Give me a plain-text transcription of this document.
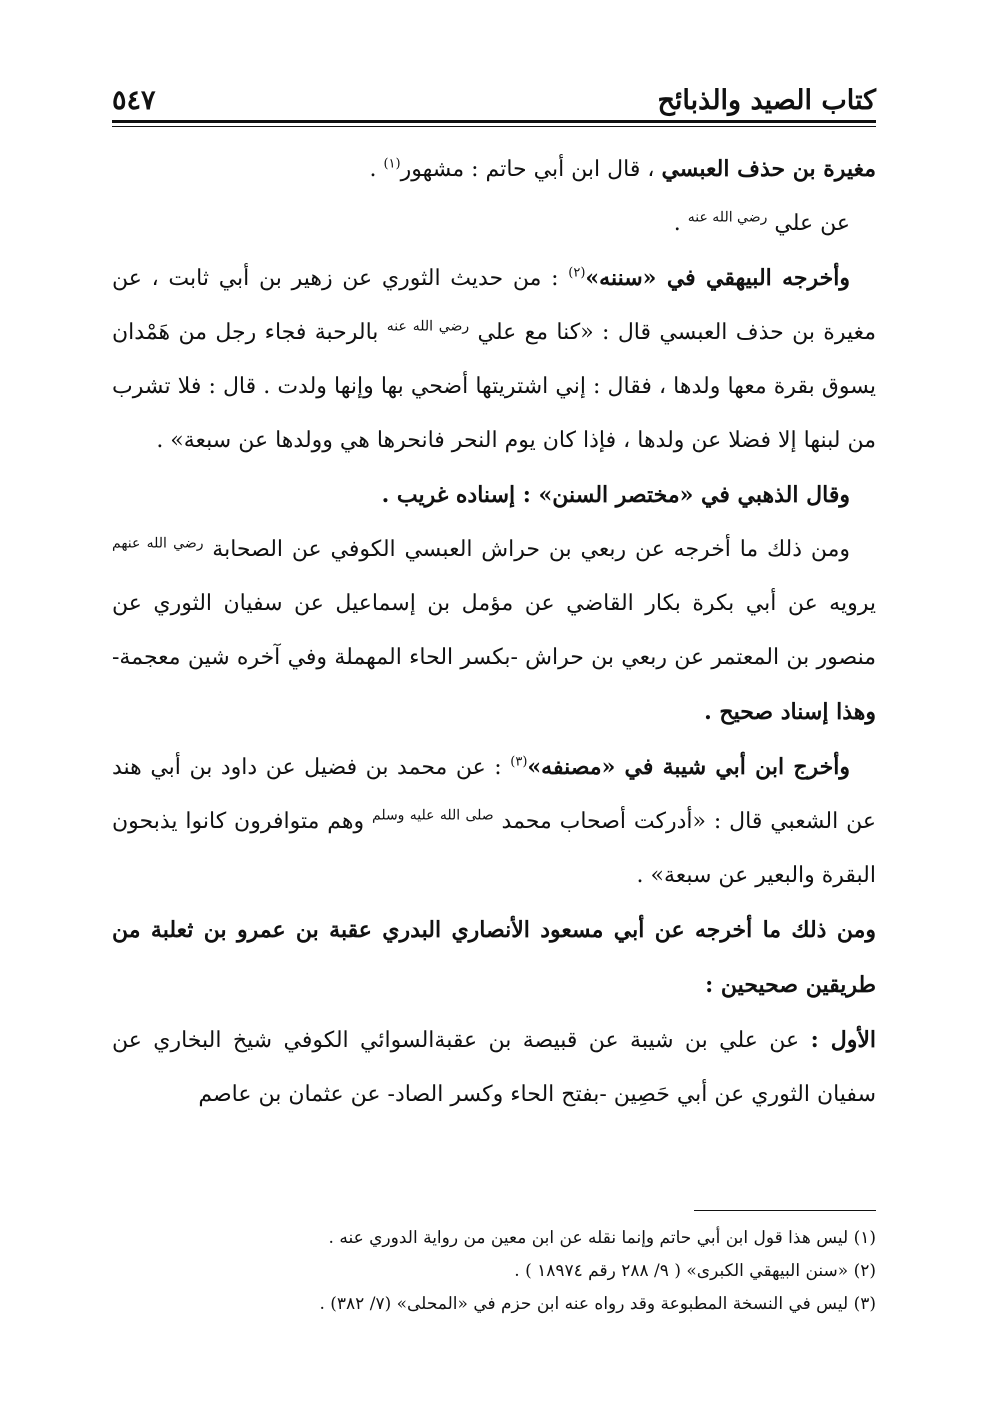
٥٤٧	كتاب الصيد والذبائح

مغيرة بن حذف العبسي ، قال ابن أبي حاتم : مشهور$^{(١)}$ .

عن علي $^{رضي الله عنه}$ .

وأخرجه البيهقي في «سننه»$^{(٢)}$ : من حديث الثوري عن زهير بن أبي ثابت ، عن مغيرة بن حذف العبسي قال : «كنا مع علي $^{رضي الله عنه}$ بالرحبة فجاء رجل من هَمْدان يسوق بقرة معها ولدها ، فقال : إني اشتريتها أضحي بها وإنها ولدت . قال : فلا تشرب من لبنها إلا فضلا عن ولدها ، فإذا كان يوم النحر فانحرها هي وولدها عن سبعة» .

وقال الذهبي في «مختصر السنن» : إسناده غريب .

ومن ذلك ما أخرجه عن ربعي بن حراش العبسي الكوفي عن الصحابة $^{رضي الله عنهم}$ يرويه عن أبي بكرة بكار القاضي عن مؤمل بن إسماعيل عن سفيان الثوري عن منصور بن المعتمر عن ربعي بن حراش -بكسر الحاء المهملة وفي آخره شين معجمة- وهذا إسناد صحيح .

وأخرج ابن أبي شيبة في «مصنفه»$^{(٣)}$ : عن محمد بن فضيل عن داود بن أبي هند عن الشعبي قال : «أدركت أصحاب محمد $^{صلى الله عليه وسلم}$ وهم متوافرون كانوا يذبحون البقرة والبعير عن سبعة» .

ومن ذلك ما أخرجه عن أبي مسعود الأنصاري البدري عقبة بن عمرو بن ثعلبة من طريقين صحيحين :

الأول : عن علي بن شيبة عن قبيصة بن عقبةالسوائي الكوفي شيخ البخاري عن سفيان الثوري عن أبي حَصِين -بفتح الحاء وكسر الصاد- عن عثمان بن عاصم

(١) ليس هذا قول ابن أبي حاتم وإنما نقله عن ابن معين من رواية الدوري عنه .

(٢) «سنن البيهقي الكبرى» ( ٩/ ٢٨٨ رقم ١٨٩٧٤ ) .

(٣) ليس في النسخة المطبوعة وقد رواه عنه ابن حزم في «المحلى» (٧/ ٣٨٢) .
